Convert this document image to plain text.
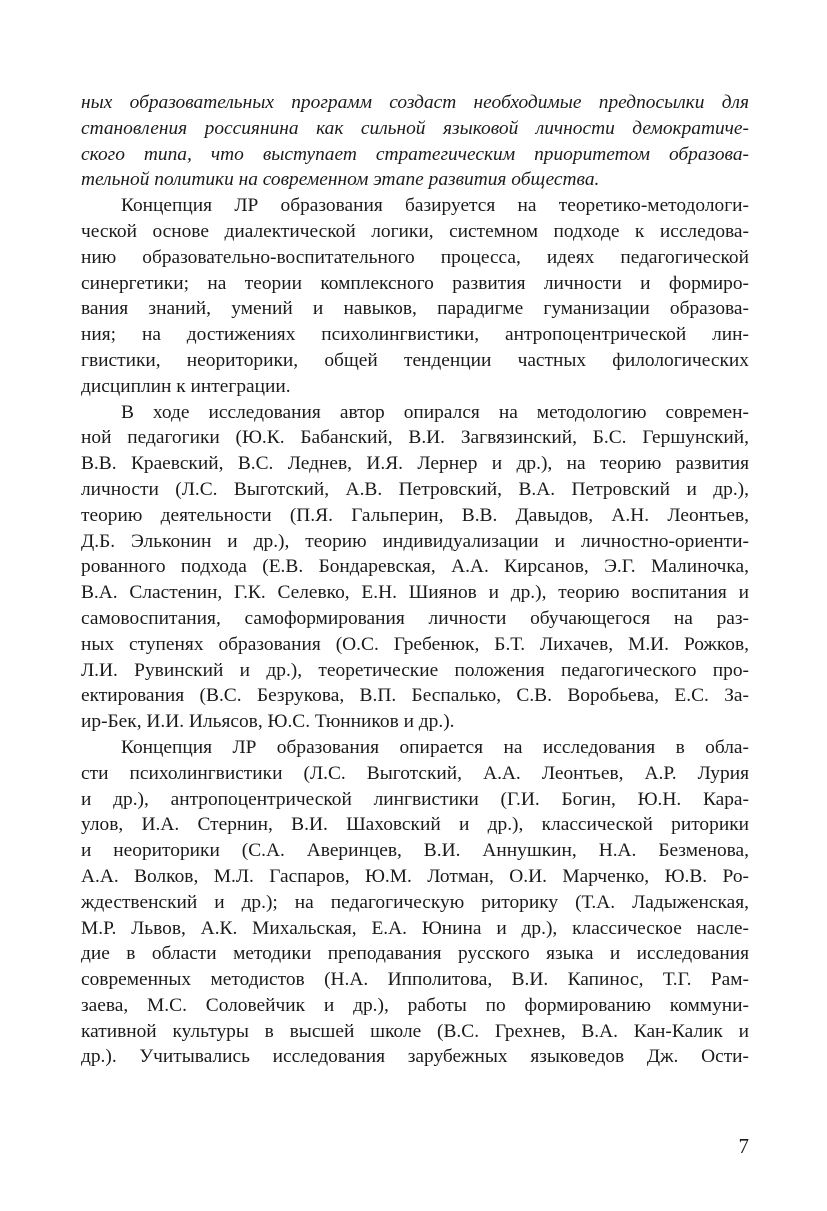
ных образовательных программ создаст необходимые предпосылки для
становления россиянина как сильной языковой личности демократиче-
ского типа, что выступает стратегическим приоритетом образова-
тельной политики на современном этапе развития общества.
Концепция ЛР образования базируется на теоретико-методологи-
ческой основе диалектической логики, системном подходе к исследова-
нию образовательно-воспитательного процесса, идеях педагогической
синергетики; на теории комплексного развития личности и формиро-
вания знаний, умений и навыков, парадигме гуманизации образова-
ния; на достижениях психолингвистики, антропоцентрической лин-
гвистики, неориторики, общей тенденции частных филологических
дисциплин к интеграции.
В ходе исследования автор опирался на методологию современ-
ной педагогики (Ю.К. Бабанский, В.И. Загвязинский, Б.С. Гершунский,
В.В. Краевский, В.С. Леднев, И.Я. Лернер и др.), на теорию развития
личности (Л.С. Выготский, А.В. Петровский, В.А. Петровский и др.),
теорию деятельности (П.Я. Гальперин, В.В. Давыдов, А.Н. Леонтьев,
Д.Б. Эльконин и др.), теорию индивидуализации и личностно-ориенти-
рованного подхода (Е.В. Бондаревская, А.А. Кирсанов, Э.Г. Малиночка,
В.А. Сластенин, Г.К. Селевко, Е.Н. Шиянов и др.), теорию воспитания и
самовоспитания, самоформирования личности обучающегося на раз-
ных ступенях образования (О.С. Гребенюк, Б.Т. Лихачев, М.И. Рожков,
Л.И. Рувинский и др.), теоретические положения педагогического про-
ектирования (В.С. Безрукова, В.П. Беспалько, С.В. Воробьева, Е.С. За-
ир-Бек, И.И. Ильясов, Ю.С. Тюнников и др.).
Концепция ЛР образования опирается на исследования в обла-
сти психолингвистики (Л.С. Выготский, А.А. Леонтьев, А.Р. Лурия
и др.), антропоцентрической лингвистики (Г.И. Богин, Ю.Н. Кара-
улов, И.А. Стернин, В.И. Шаховский и др.), классической риторики
и неориторики (С.А. Аверинцев, В.И. Аннушкин, Н.А. Безменова,
А.А. Волков, М.Л. Гаспаров, Ю.М. Лотман, О.И. Марченко, Ю.В. Ро-
ждественский и др.); на педагогическую риторику (Т.А. Ладыженская,
М.Р. Львов, А.К. Михальская, Е.А. Юнина и др.), классическое насле-
дие в области методики преподавания русского языка и исследования
современных методистов (Н.А. Ипполитова, В.И. Капинос, Т.Г. Рам-
заева, М.С. Соловейчик и др.), работы по формированию коммуни-
кативной культуры в высшей школе (В.С. Грехнев, В.А. Кан-Калик и
др.). Учитывались исследования зарубежных языковедов Дж. Ости-
7
